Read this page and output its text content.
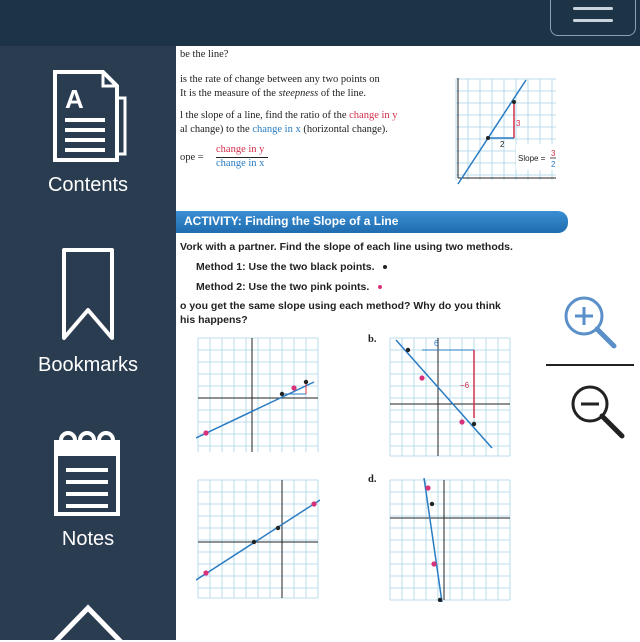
A
Contents
Bookmarks
Notes
be the line?
is the rate of change between any two points on
It is the measure of the steepness of the line.
l the slope of a line, find the ratio of the change in y
al change) to the change in x (horizontal change).
ope =
change in y
change in x
2
3
Slope =
3
2
ACTIVITY: Finding the Slope of a Line
Vork with a partner. Find the slope of each line using two methods.
Method 1: Use the two black points.
Method 2: Use the two pink points.
o you get the same slope using each method? Why do you think
his happens?
b.	6
−6
d.
